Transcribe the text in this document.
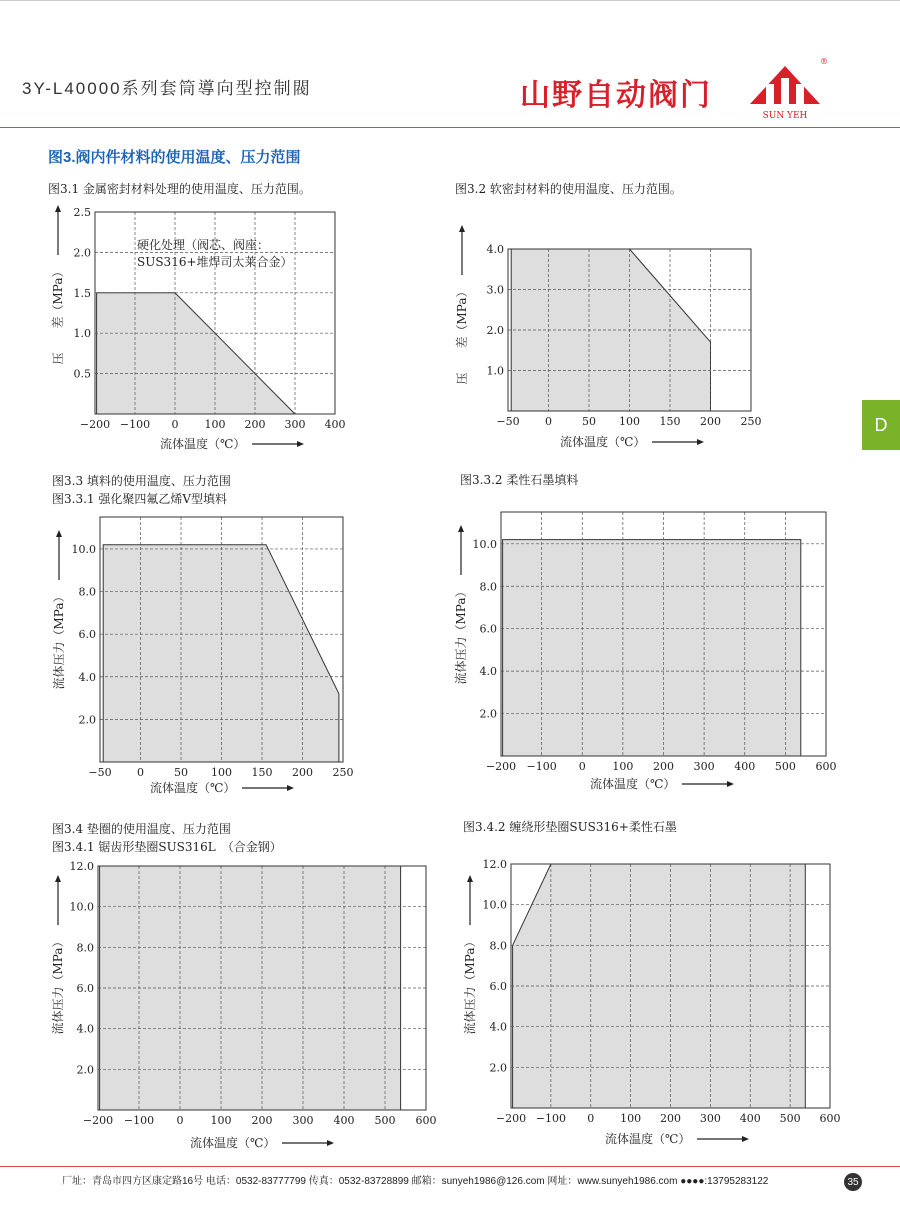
3Y-L40000系列套筒導向型控制閥	山野自动阀门
SUN YEH
®
图3.阀内件材料的使用温度、压力范围
图3.1 金属密封材料处理的使用温度、压力范围。	图3.2 软密封材料的使用温度、压力范围。
图3.3 填料的使用温度、压力范围
图3.3.1 强化聚四氟乙烯V型填料
图3.3.2 柔性石墨填料
图3.4 垫圈的使用温度、压力范围
图3.4.1 锯齿形垫圈SUS316L　（合金钢）
图3.4.2 缠绕形垫圈SUS316+柔性石墨
−200 −100 0 100 200 300 400
0.5
1.0
1.5
2.0
2.5
流体温度（℃）
压　　差（MPa）
硬化处理（阀芯、阀座：
SUS316+堆焊司太莱合金）
−50 0	50 100 150 200 250
1.0
2.0
3.0
4.0
流体温度（℃）
压　　差（MPa）
−50 0	50 100 150 200 250
2.0
4.0
6.0
8.0
10.0
流体温度（℃）
流体压力（MPa）
−200 −100 0 100 200 300 400 500 600
2.0
4.0
6.0
8.0
10.0
流体温度（℃）
流体压力（MPa）
−200 −100 0 100 200 300 400 500 600
2.0
4.0
6.0
8.0
10.0
12.0
流体温度（℃）
流体压力（MPa）
−200 −100 0 100 200 300 400 500 600
2.0
4.0
6.0
8.0
10.0
12.0
流体温度（℃）
流体压力（MPa）
D
厂址：青岛市四方区康定路16号 电话：0532-83777799 传真：0532-83728899 邮箱：sunyeh1986@126.com 网址：www.sunyeh1986.com ●●●●:13795283122	35
